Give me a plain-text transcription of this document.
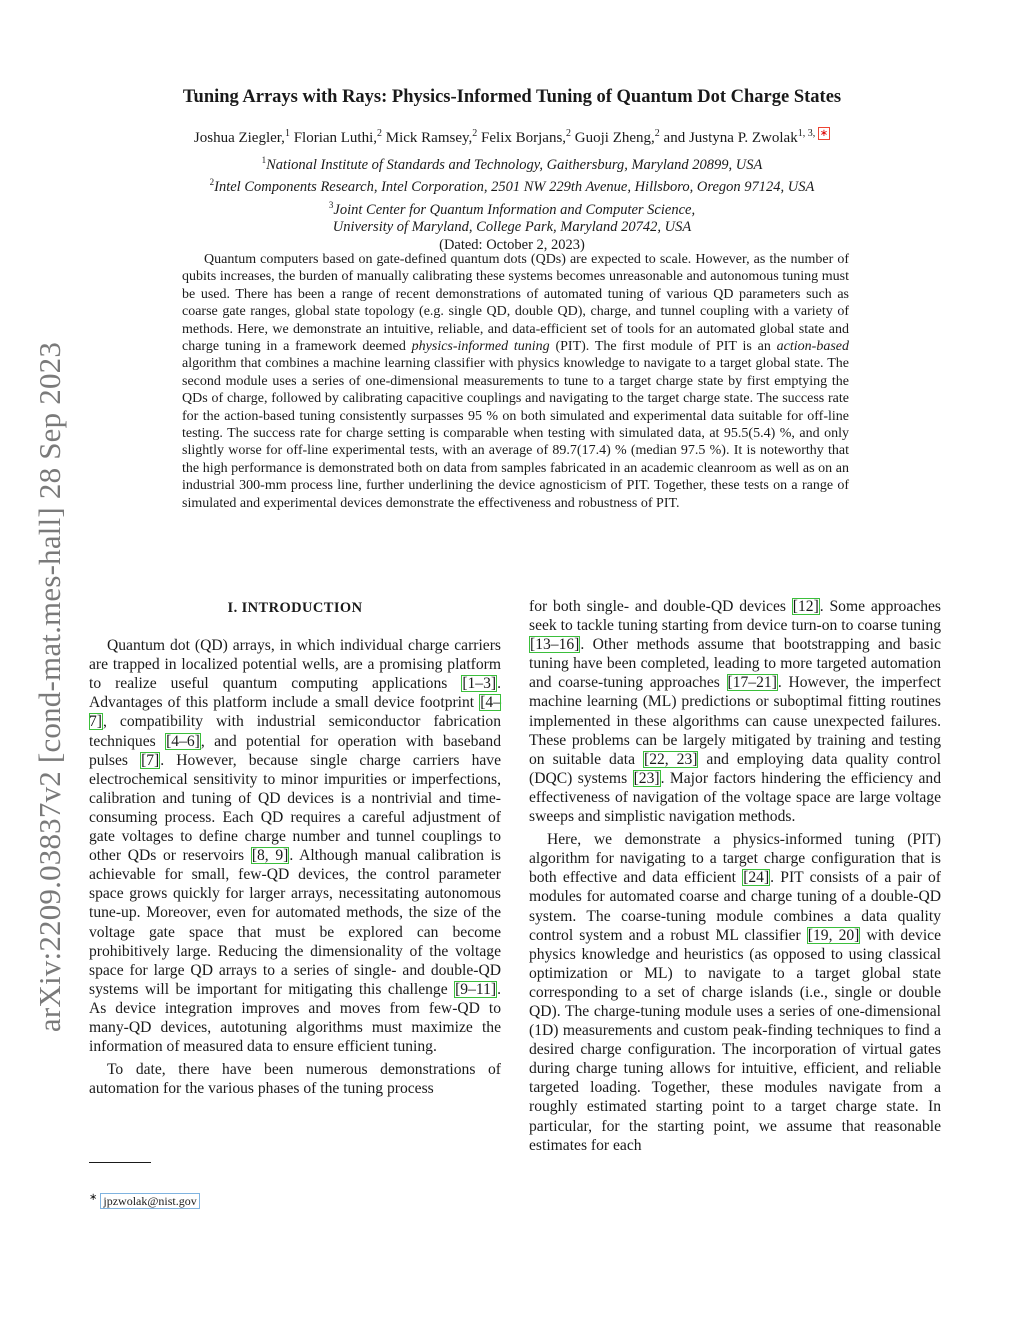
arXiv:2209.03837v2 [cond-mat.mes-hall] 28 Sep 2023
Tuning Arrays with Rays: Physics-Informed Tuning of Quantum Dot Charge States
Joshua Ziegler,$^1$ Florian Luthi,$^2$ Mick Ramsey,$^2$ Felix Borjans,$^2$ Guoji Zheng,$^2$ and Justyna P. Zwolak$^{1, 3,}$ ∗
$^1$National Institute of Standards and Technology, Gaithersburg, Maryland 20899, USA
$^2$Intel Components Research, Intel Corporation, 2501 NW 229th Avenue, Hillsboro, Oregon 97124, USA
$^3$Joint Center for Quantum Information and Computer Science,
University of Maryland, College Park, Maryland 20742, USA
(Dated: October 2, 2023)

Quantum computers based on gate-defined quantum dots (QDs) are expected to scale. However, as the number of qubits increases, the burden of manually calibrating these systems becomes unreasonable and autonomous tuning must be used. There has been a range of recent demonstrations of automated tuning of various QD parameters such as coarse gate ranges, global state topology (e.g. single QD, double QD), charge, and tunnel coupling with a variety of methods. Here, we demonstrate an intuitive, reliable, and data-efficient set of tools for an automated global state and charge tuning in a framework deemed physics-informed tuning (PIT). The first module of PIT is an action-based algorithm that combines a machine learning classifier with physics knowledge to navigate to a target global state. The second module uses a series of one-dimensional measurements to tune to a target charge state by first emptying the QDs of charge, followed by calibrating capacitive couplings and navigating to the target charge state. The success rate for the action-based tuning consistently surpasses 95 % on both simulated and experimental data suitable for off-line testing. The success rate for charge setting is comparable when testing with simulated data, at 95.5(5.4) %, and only slightly worse for off-line experimental tests, with an average of 89.7(17.4) % (median 97.5 %). It is noteworthy that the high performance is demonstrated both on data from samples fabricated in an academic cleanroom as well as on an industrial 300-mm process line, further underlining the device agnosticism of PIT. Together, these tests on a range of simulated and experimental devices demonstrate the effectiveness and robustness of PIT.

I. INTRODUCTION

Quantum dot (QD) arrays, in which individual charge carriers are trapped in localized potential wells, are a promising platform to realize useful quantum computing applications [1–3]. Advantages of this platform include a small device footprint [4–7], compatibility with industrial semiconductor fabrication techniques [4–6], and potential for operation with baseband pulses [7]. However, because single charge carriers have electrochemical sensitivity to minor impurities or imperfections, calibration and tuning of QD devices is a nontrivial and time-consuming process. Each QD requires a careful adjustment of gate voltages to define charge number and tunnel couplings to other QDs or reservoirs [8, 9]. Although manual calibration is achievable for small, few-QD devices, the control parameter space grows quickly for larger arrays, necessitating autonomous tune-up. Moreover, even for automated methods, the size of the voltage gate space that must be explored can become prohibitively large. Reducing the dimensionality of the voltage space for large QD arrays to a series of single- and double-QD systems will be important for mitigating this challenge [9–11]. As device integration improves and moves from few-QD to many-QD devices, autotuning algorithms must maximize the information of measured data to ensure efficient tuning.

To date, there have been numerous demonstrations of automation for the various phases of the tuning process

for both single- and double-QD devices [12]. Some approaches seek to tackle tuning starting from device turn-on to coarse tuning [13–16]. Other methods assume that bootstrapping and basic tuning have been completed, leading to more targeted automation and coarse-tuning approaches [17–21]. However, the imperfect machine learning (ML) predictions or suboptimal fitting routines implemented in these algorithms can cause unexpected failures. These problems can be largely mitigated by training and testing on suitable data [22, 23] and employing data quality control (DQC) systems [23]. Major factors hindering the efficiency and effectiveness of navigation of the voltage space are large voltage sweeps and simplistic navigation methods.

Here, we demonstrate a physics-informed tuning (PIT) algorithm for navigating to a target charge configuration that is both effective and data efficient [24]. PIT consists of a pair of modules for automated coarse and charge tuning of a double-QD system. The coarse-tuning module combines a data quality control system and a robust ML classifier [19, 20] with device physics knowledge and heuristics (as opposed to using classical optimization or ML) to navigate to a target global state corresponding to a set of charge islands (i.e., single or double QD). The charge-tuning module uses a series of one-dimensional (1D) measurements and custom peak-finding techniques to find a desired charge configuration. The incorporation of virtual gates during charge tuning allows for intuitive, efficient, and reliable targeted loading. Together, these modules navigate from a roughly estimated starting point to a target charge state. In particular, for the starting point, we assume that reasonable estimates for each

∗ jpzwolak@nist.gov
